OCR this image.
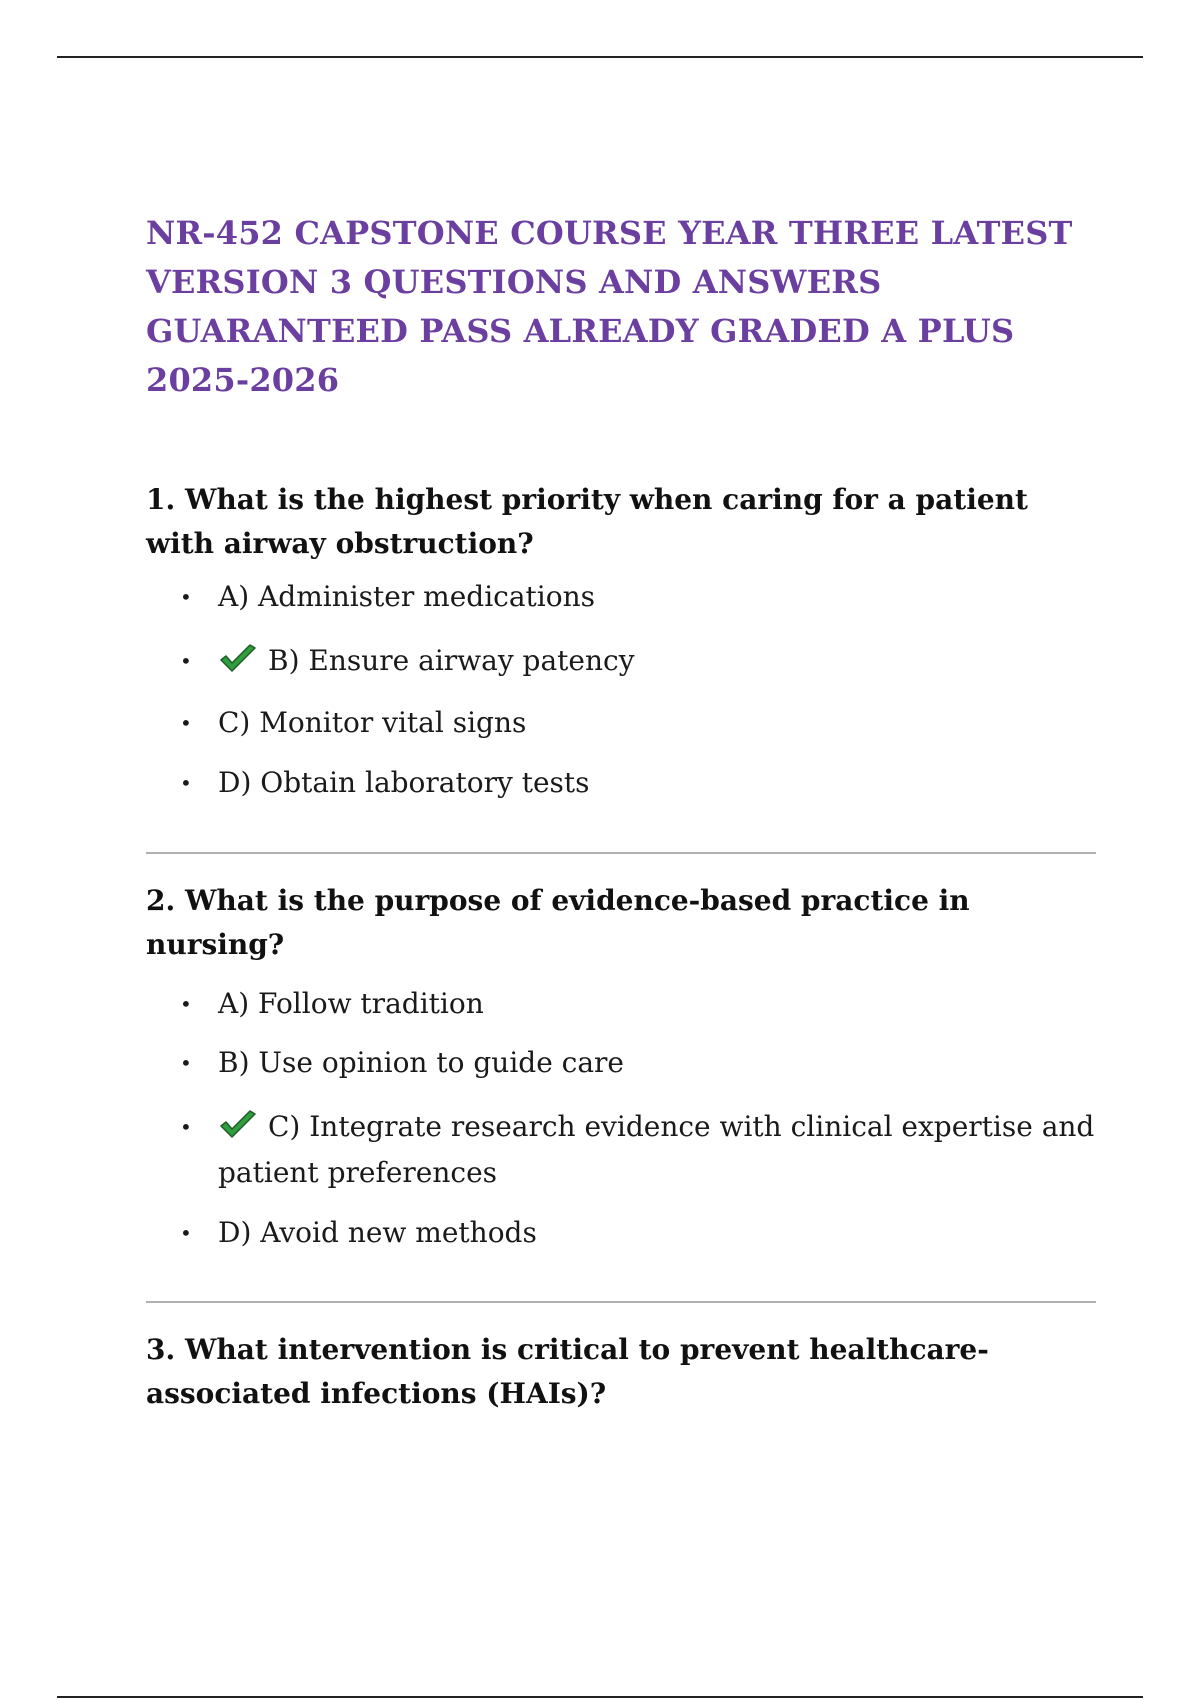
NR-452 CAPSTONE COURSE YEAR THREE LATEST VERSION 3 QUESTIONS AND ANSWERS GUARANTEED PASS ALREADY GRADED A PLUS 2025-2026

1. What is the highest priority when caring for a patient with airway obstruction?

• A) Administer medications
•	B) Ensure airway patency
• C) Monitor vital signs
• D) Obtain laboratory tests

2. What is the purpose of evidence-based practice in nursing?

• A) Follow tradition
• B) Use opinion to guide care
•	C) Integrate research evidence with clinical expertise and patient preferences
• D) Avoid new methods

3. What intervention is critical to prevent healthcare-associated infections (HAIs)?
